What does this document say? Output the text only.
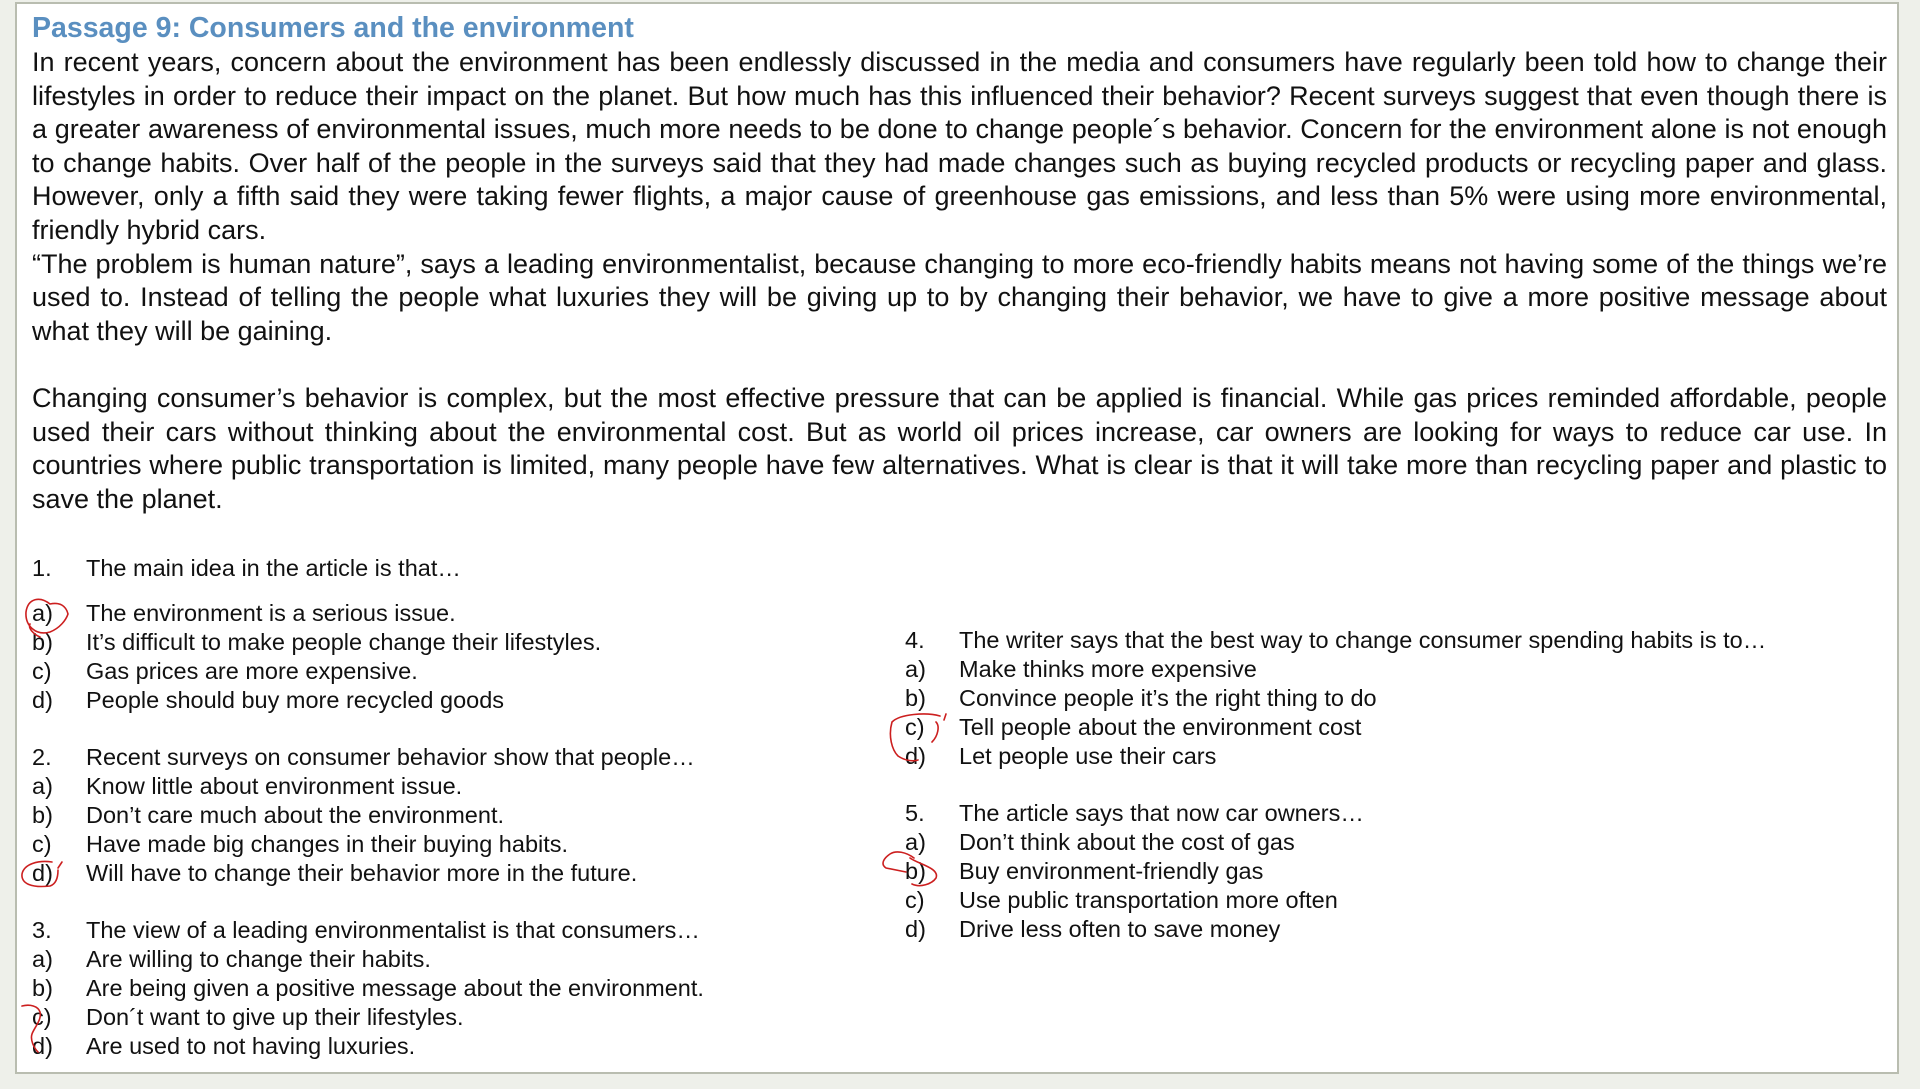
Passage 9: Consumers and the environment

In recent years, concern about the environment has been endlessly discussed in the media and consumers have regularly been told how to change their lifestyles in order to reduce their impact on the planet. But how much has this influenced their behavior? Recent surveys suggest that even though there is a greater awareness of environmental issues, much more needs to be done to change people´s behavior. Concern for the environment alone is not enough to change habits. Over half of the people in the surveys said that they had made changes such as buying recycled products or recycling paper and glass. However, only a fifth said they were taking fewer flights, a major cause of greenhouse gas emissions, and less than 5% were using more environmental, friendly hybrid cars.

“The problem is human nature”, says a leading environmentalist, because changing to more eco-friendly habits means not having some of the things we’re used to. Instead of telling the people what luxuries they will be giving up to by changing their behavior, we have to give a more positive message about what they will be gaining.

Changing consumer’s behavior is complex, but the most effective pressure that can be applied is financial. While gas prices reminded affordable, people used their cars without thinking about the environmental cost. But as world oil prices increase, car owners are looking for ways to reduce car use. In countries where public transportation is limited, many people have few alternatives. What is clear is that it will take more than recycling paper and plastic to save the planet.

1.	The main idea in the article is that…
a)	The environment is a serious issue.
b)	It’s difficult to make people change their lifestyles.
c)	Gas prices are more expensive.
d)	People should buy more recycled goods
2.	Recent surveys on consumer behavior show that people…
a)	Know little about environment issue.
b)	Don’t care much about the environment.
c)	Have made big changes in their buying habits.
d)	Will have to change their behavior more in the future.
3.	The view of a leading environmentalist is that consumers…
a)	Are willing to change their habits.
b)	Are being given a positive message about the environment.
c)	Don´t want to give up their lifestyles.
d)	Are used to not having luxuries.
4.	The writer says that the best way to change consumer spending habits is to…
a)	Make thinks more expensive
b)	Convince people it’s the right thing to do
c)	Tell people about the environment cost
d)	Let people use their cars
5.	The article says that now car owners…
a)	Don’t think about the cost of gas
b)	Buy environment-friendly gas
c)	Use public transportation more often
d)	Drive less often to save money
